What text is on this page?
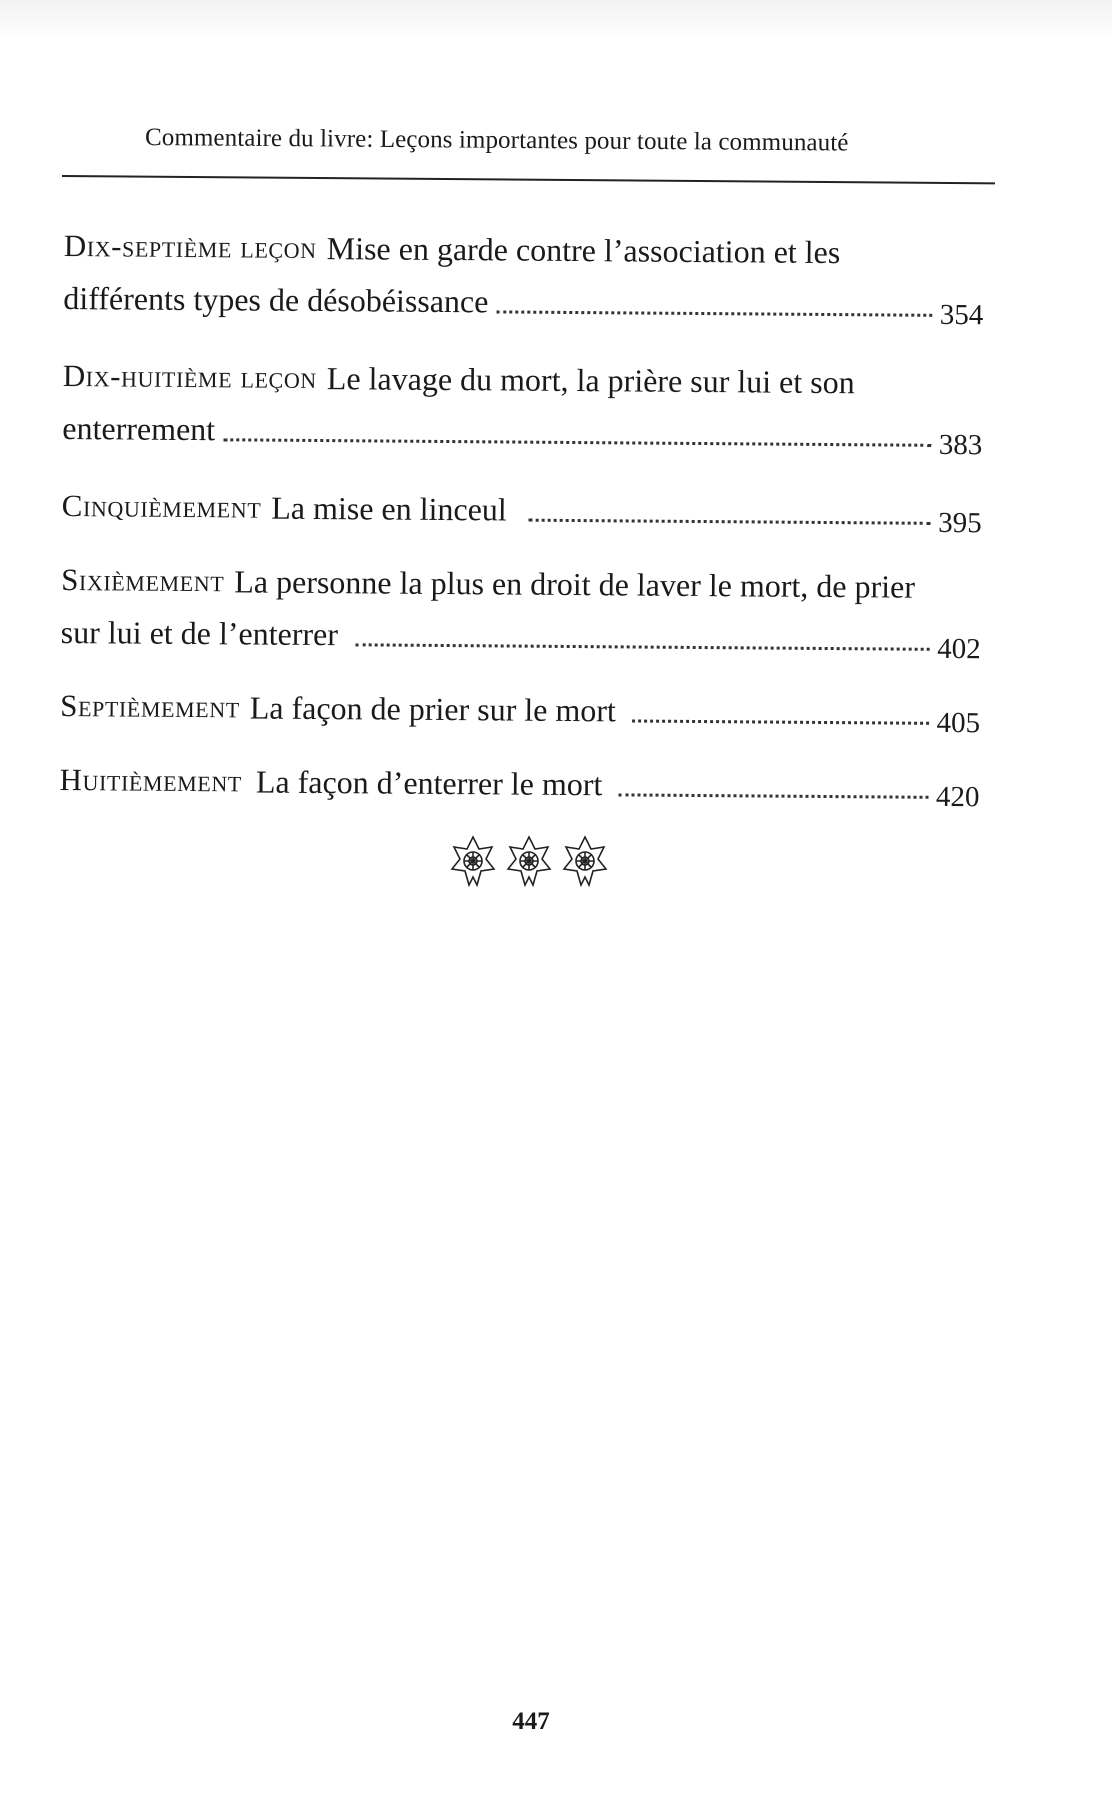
Commentaire du livre: Leçons importantes pour toute la communauté
Dix-septième leçon Mise en garde contre l’association et les
différents types de désobéissance	354
Dix-huitième leçon Le lavage du mort, la prière sur lui et son
enterrement	383
Cinquièmement La mise en linceul	395
Sixièmement La personne la plus en droit de laver le mort, de prier
sur lui et de l’enterrer	402
Septièmement La façon de prier sur le mort	405
Huitièmement La façon d’enterrer le mort	420
447
